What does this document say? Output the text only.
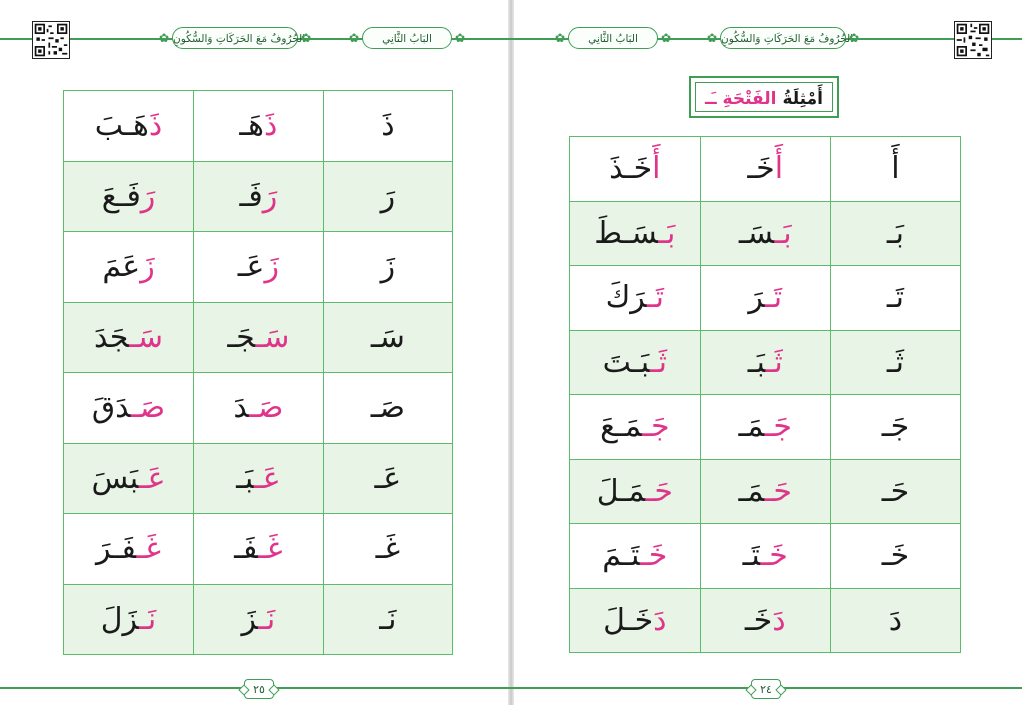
✿ الحُرُوفُ مَعَ الحَرَكَاتِ وَالسُّكُونِ ✿	✿ البَابُ الثَّانِي ✿	✿ البَابُ الثَّانِي ✿	✿ الحُرُوفُ مَعَ الحَرَكَاتِ وَالسُّكُونِ ✿
أَمْثِلَةُ الفَتْحَةِ ـَـ
ذَ	ذَهَـ	ذَهَـبَ
رَ	رَفَـ	رَفَـعَ
زَ	زَعَـ	زَعَمَ
سَـ	سَـجَـ	سَـجَدَ
صَـ	صَـدَ	صَـدَقَ
عَـ	عَـبَـ	عَـبَسَ
غَـ	غَـفَـ	غَـفَـرَ
نَـ	نَـزَ	نَـزَلَ
أَ	أَخَـ	أَخَـذَ
بَـ	بَـسَـ	بَـسَـطَ
تَـ	تَـرَ	تَـرَكَ
ثَـ	ثَـبَـ	ثَـبَـتَ
جَـ	جَـمَـ	جَـمَـعَ
حَـ	حَـمَـ	حَـمَـلَ
خَـ	خَـتَـ	خَـتَـمَ
دَ	دَخَـ	دَخَـلَ
٢٥	٢٤
